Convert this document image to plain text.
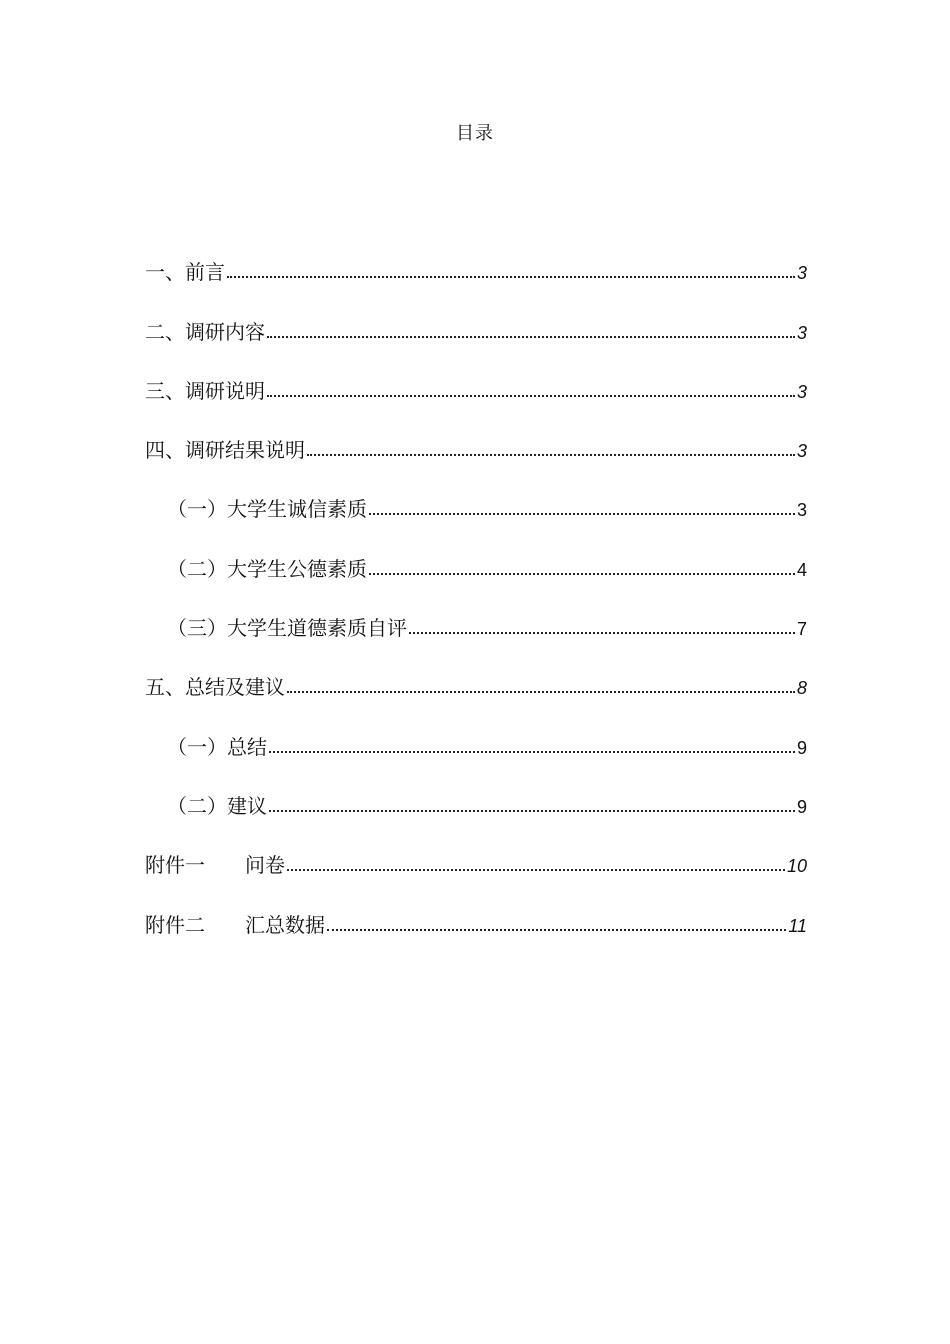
目录
一、前言	3
二、调研内容	3
三、调研说明	3
四、调研结果说明	3
（一）大学生诚信素质	3
（二）大学生公德素质	4
（三）大学生道德素质自评	7
五、总结及建议	8
（一）总结	9
（二）建议	9
附件一 问卷	10
附件二 汇总数据	11
